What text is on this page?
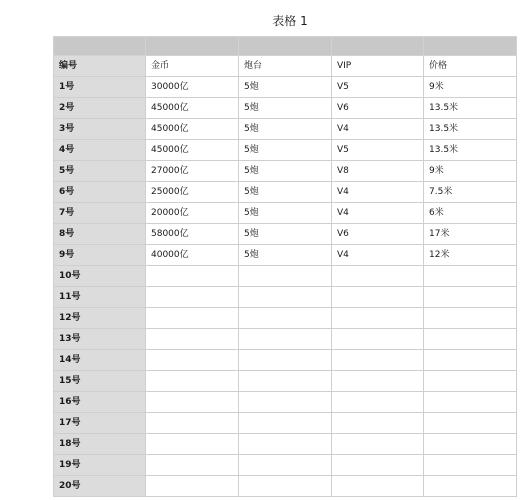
表格 1

编号	金币	炮台	VIP	价格
1号	30000亿	5炮	V5	9米
2号	45000亿	5炮	V6	13.5米
3号	45000亿	5炮	V4	13.5米
4号	45000亿	5炮	V5	13.5米
5号	27000亿	5炮	V8	9米
6号	25000亿	5炮	V4	7.5米
7号	20000亿	5炮	V4	6米
8号	58000亿	5炮	V6	17米
9号	40000亿	5炮	V4	12米
10号				
11号				
12号				
13号				
14号				
15号				
16号				
17号				
18号				
19号				
20号				
